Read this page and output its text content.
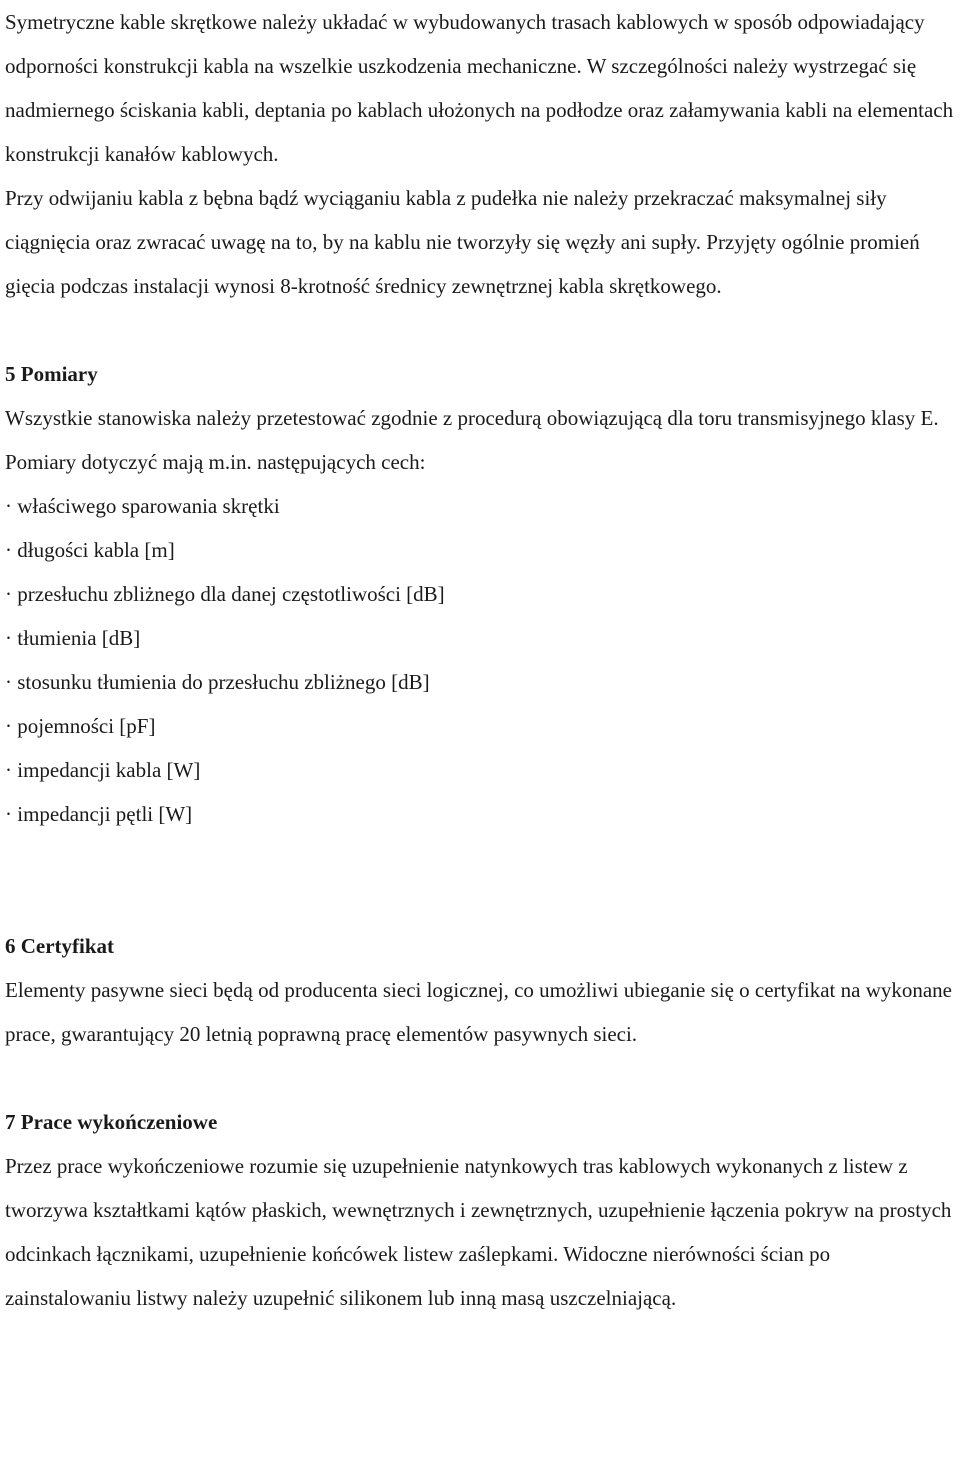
Symetryczne kable skrętkowe należy układać w wybudowanych trasach kablowych w sposób odpowiadający odporności konstrukcji kabla na wszelkie uszkodzenia mechaniczne. W szczególności należy wystrzegać się nadmiernego ściskania kabli, deptania po kablach ułożonych na podłodze oraz załamywania kabli na elementach konstrukcji kanałów kablowych.

Przy odwijaniu kabla z bębna bądź wyciąganiu kabla z pudełka nie należy przekraczać maksymalnej siły ciągnięcia oraz zwracać uwagę na to, by na kablu nie tworzyły się węzły ani supły. Przyjęty ogólnie promień gięcia podczas instalacji wynosi 8-krotność średnicy zewnętrznej kabla skrętkowego.

5 Pomiary

Wszystkie stanowiska należy przetestować zgodnie z procedurą obowiązującą dla toru transmisyjnego klasy E. Pomiary dotyczyć mają m.in. następujących cech:

· właściwego sparowania skrętki
· długości kabla [m]
· przesłuchu zbliżnego dla danej częstotliwości [dB]
· tłumienia [dB]
· stosunku tłumienia do przesłuchu zbliżnego [dB]
· pojemności [pF]
· impedancji kabla [W]
· impedancji pętli [W]
6 Certyfikat

Elementy pasywne sieci będą od producenta sieci logicznej, co umożliwi ubieganie się o certyfikat na wykonane prace, gwarantujący 20 letnią poprawną pracę elementów pasywnych sieci.

7 Prace wykończeniowe

Przez prace wykończeniowe rozumie się uzupełnienie natynkowych tras kablowych wykonanych z listew z tworzywa kształtkami kątów płaskich, wewnętrznych i zewnętrznych, uzupełnienie łączenia pokryw na prostych odcinkach łącznikami, uzupełnienie końcówek listew zaślepkami. Widoczne nierówności ścian po zainstalowaniu listwy należy uzupełnić silikonem lub inną masą uszczelniającą.
